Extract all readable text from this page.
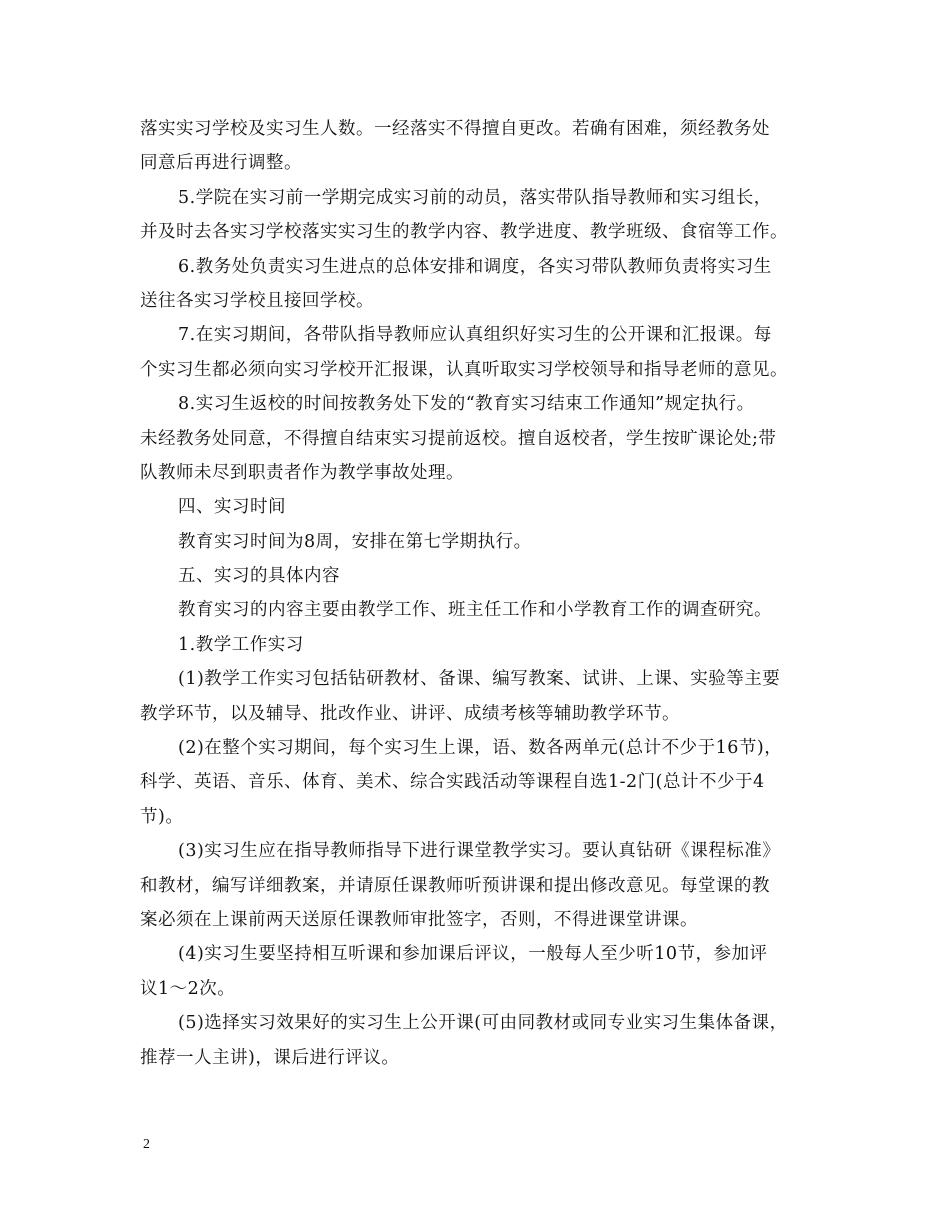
落实实习学校及实习生人数。一经落实不得擅自更改。若确有困难，须经教务处
同意后再进行调整。
5.学院在实习前一学期完成实习前的动员，落实带队指导教师和实习组长，
并及时去各实习学校落实实习生的教学内容、教学进度、教学班级、食宿等工作。
6.教务处负责实习生进点的总体安排和调度，各实习带队教师负责将实习生
送往各实习学校且接回学校。
7.在实习期间，各带队指导教师应认真组织好实习生的公开课和汇报课。每
个实习生都必须向实习学校开汇报课，认真听取实习学校领导和指导老师的意见。
8.实习生返校的时间按教务处下发的“教育实习结束工作通知”规定执行。
未经教务处同意，不得擅自结束实习提前返校。擅自返校者，学生按旷课论处;带
队教师未尽到职责者作为教学事故处理。
四、实习时间
教育实习时间为8周，安排在第七学期执行。
五、实习的具体内容
教育实习的内容主要由教学工作、班主任工作和小学教育工作的调查研究。
1.教学工作实习
(1)教学工作实习包括钻研教材、备课、编写教案、试讲、上课、实验等主要
教学环节，以及辅导、批改作业、讲评、成绩考核等辅助教学环节。
(2)在整个实习期间，每个实习生上课，语、数各两单元(总计不少于16节)，
科学、英语、音乐、体育、美术、综合实践活动等课程自选1-2门(总计不少于4
节)。
(3)实习生应在指导教师指导下进行课堂教学实习。要认真钻研《课程标准》
和教材，编写详细教案，并请原任课教师听预讲课和提出修改意见。每堂课的教
案必须在上课前两天送原任课教师审批签字，否则，不得进课堂讲课。
(4)实习生要坚持相互听课和参加课后评议，一般每人至少听10节，参加评
议1～2次。
(5)选择实习效果好的实习生上公开课(可由同教材或同专业实习生集体备课，
推荐一人主讲)，课后进行评议。
2
